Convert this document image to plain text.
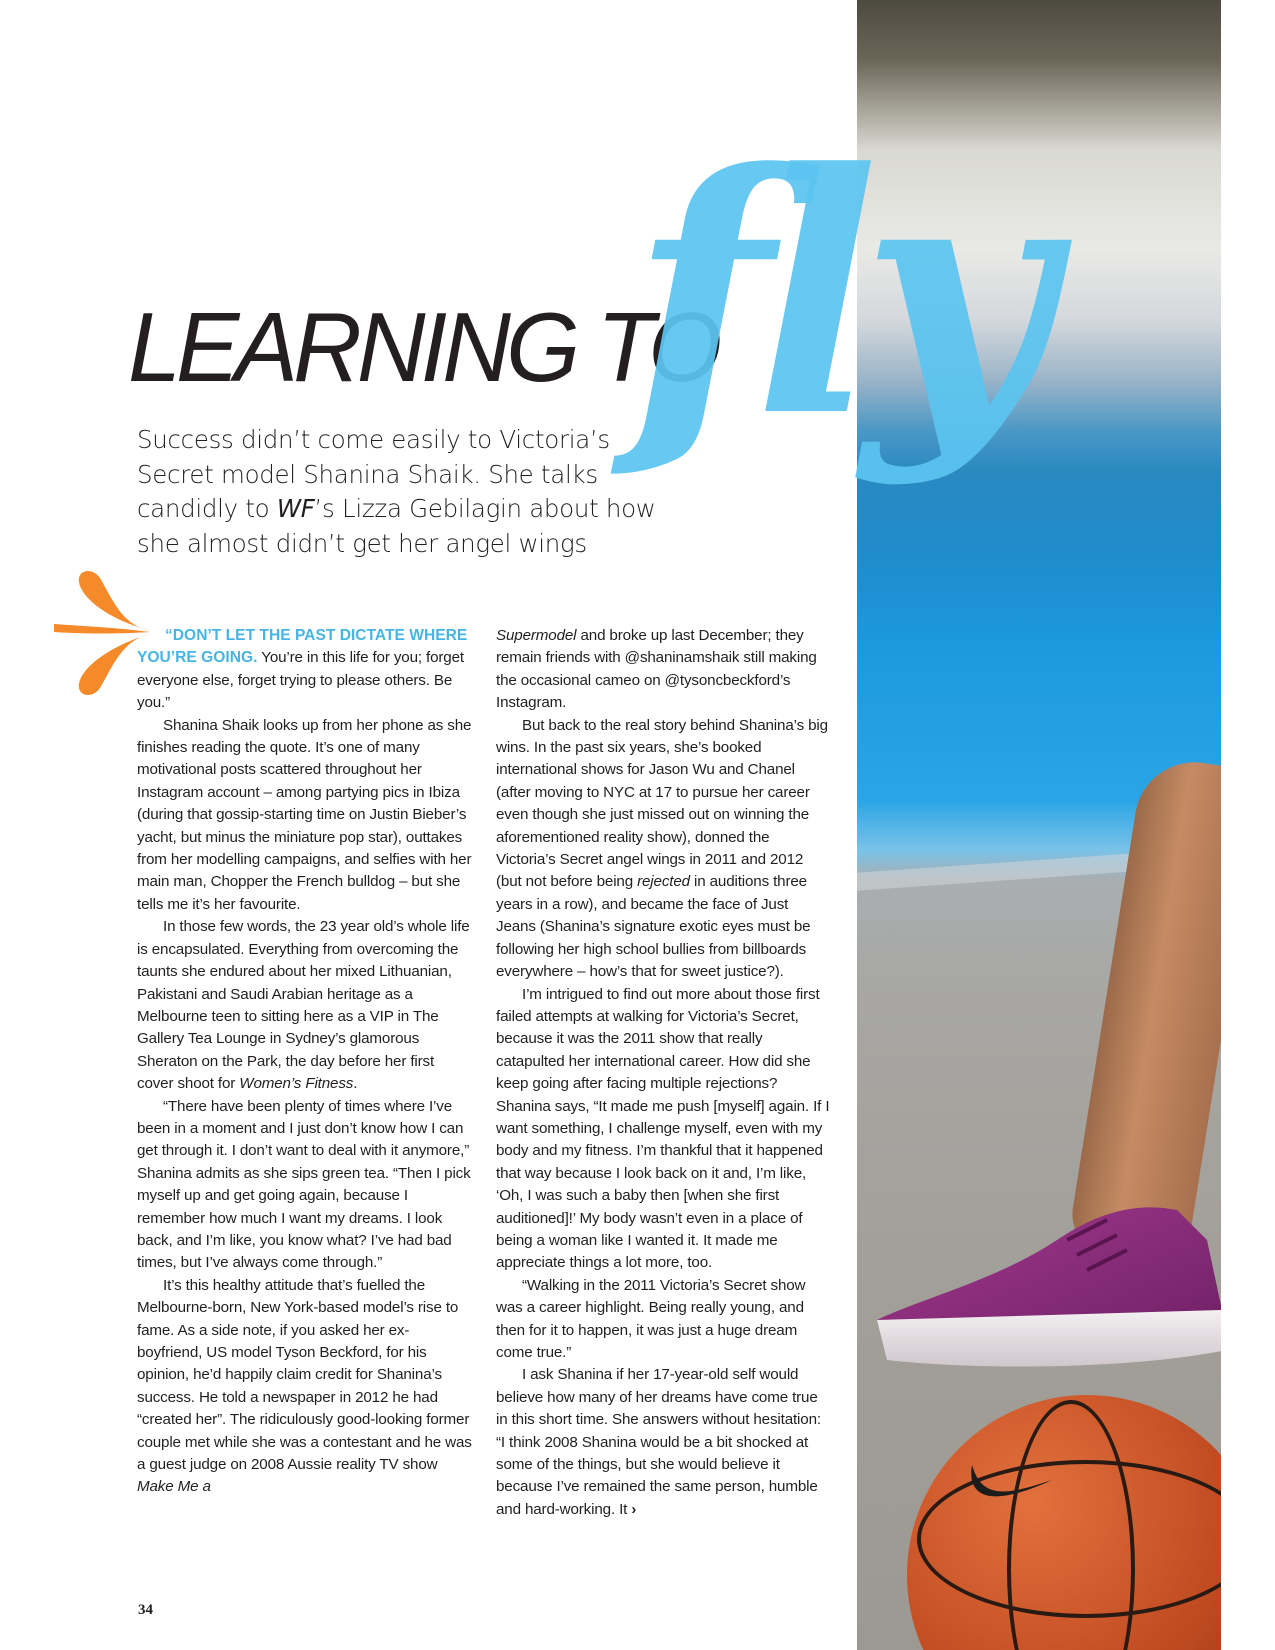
LEARNING TO
fly

Success didn’t come easily to Victoria’s Secret model Shanina Shaik. She talks candidly to WF’s Lizza Gebilagin about how she almost didn’t get her angel wings

“DON’T LET THE PAST DICTATE WHERE YOU’RE GOING. You’re in this life for you; forget everyone else, forget trying to please others. Be you.”

Shanina Shaik looks up from her phone as she finishes reading the quote. It’s one of many motivational posts scattered throughout her Instagram account – among partying pics in Ibiza (during that gossip-starting time on Justin Bieber’s yacht, but minus the miniature pop star), outtakes from her modelling campaigns, and selfies with her main man, Chopper the French bulldog – but she tells me it’s her favourite.

In those few words, the 23 year old’s whole life is encapsulated. Everything from overcoming the taunts she endured about her mixed Lithuanian, Pakistani and Saudi Arabian heritage as a Melbourne teen to sitting here as a VIP in The Gallery Tea Lounge in Sydney’s glamorous Sheraton on the Park, the day before her first cover shoot for Women’s Fitness.

“There have been plenty of times where I’ve been in a moment and I just don’t know how I can get through it. I don’t want to deal with it anymore,” Shanina admits as she sips green tea. “Then I pick myself up and get going again, because I remember how much I want my dreams. I look back, and I’m like, you know what? I’ve had bad times, but I’ve always come through.”

It’s this healthy attitude that’s fuelled the Melbourne-born, New York-based model’s rise to fame. As a side note, if you asked her ex-boyfriend, US model Tyson Beckford, for his opinion, he’d happily claim credit for Shanina’s success. He told a newspaper in 2012 he had “created her”. The ridiculously good-looking former couple met while she was a contestant and he was a guest judge on 2008 Aussie reality TV show Make Me a

Supermodel and broke up last December; they remain friends with @shaninamshaik still making the occasional cameo on @tysoncbeckford’s Instagram.

But back to the real story behind Shanina’s big wins. In the past six years, she’s booked international shows for Jason Wu and Chanel (after moving to NYC at 17 to pursue her career even though she just missed out on winning the aforementioned reality show), donned the Victoria’s Secret angel wings in 2011 and 2012 (but not before being rejected in auditions three years in a row), and became the face of Just Jeans (Shanina’s signature exotic eyes must be following her high school bullies from billboards everywhere – how’s that for sweet justice?).

I’m intrigued to find out more about those first failed attempts at walking for Victoria’s Secret, because it was the 2011 show that really catapulted her international career. How did she keep going after facing multiple rejections? Shanina says, “It made me push [myself] again. If I want something, I challenge myself, even with my body and my fitness. I’m thankful that it happened that way because I look back on it and, I’m like, ‘Oh, I was such a baby then [when she first auditioned]!’ My body wasn’t even in a place of being a woman like I wanted it. It made me appreciate things a lot more, too.

“Walking in the 2011 Victoria’s Secret show was a career highlight. Being really young, and then for it to happen, it was just a huge dream come true.”

I ask Shanina if her 17-year-old self would believe how many of her dreams have come true in this short time. She answers without hesitation: “I think 2008 Shanina would be a bit shocked at some of the things, but she would believe it because I’ve remained the same person, humble and hard-working. It ›

34
